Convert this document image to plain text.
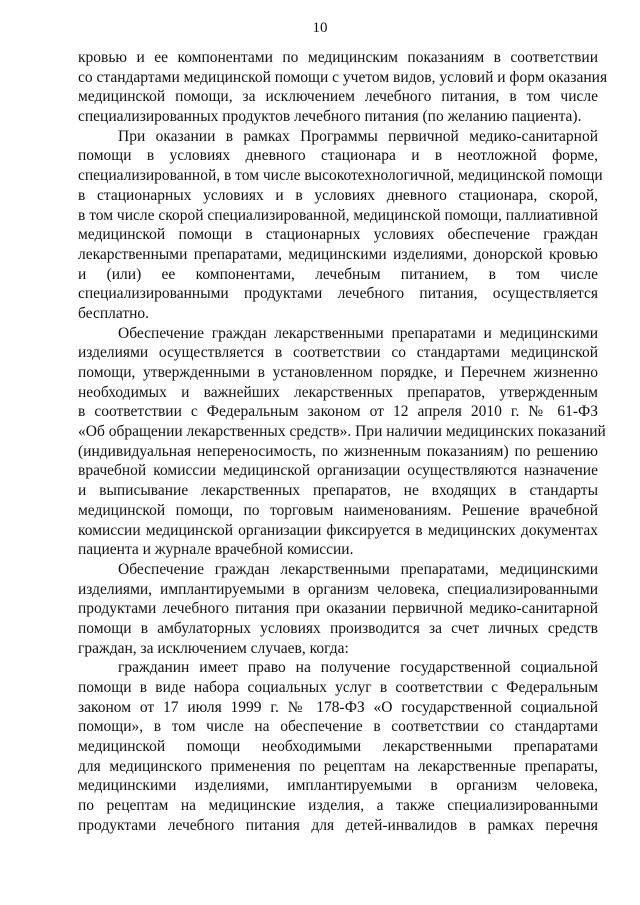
10
кровью и ее компонентами по медицинским показаниям в соответствии
со стандартами медицинской помощи с учетом видов, условий и форм оказания
медицинской помощи, за исключением лечебного питания, в том числе
специализированных продуктов лечебного питания (по желанию пациента).
При оказании в рамках Программы первичной медико-санитарной
помощи в условиях дневного стационара и в неотложной форме,
специализированной, в том числе высокотехнологичной, медицинской помощи
в стационарных условиях и в условиях дневного стационара, скорой,
в том числе скорой специализированной, медицинской помощи, паллиативной
медицинской помощи в стационарных условиях обеспечение граждан
лекарственными препаратами, медицинскими изделиями, донорской кровью
и (или) ее компонентами, лечебным питанием, в том числе
специализированными продуктами лечебного питания, осуществляется
бесплатно.
Обеспечение граждан лекарственными препаратами и медицинскими
изделиями осуществляется в соответствии со стандартами медицинской
помощи, утвержденными в установленном порядке, и Перечнем жизненно
необходимых и важнейших лекарственных препаратов, утвержденным
в соответствии с Федеральным законом от 12 апреля 2010 г. № 61-ФЗ
«Об обращении лекарственных средств». При наличии медицинских показаний
(индивидуальная непереносимость, по жизненным показаниям) по решению
врачебной комиссии медицинской организации осуществляются назначение
и выписывание лекарственных препаратов, не входящих в стандарты
медицинской помощи, по торговым наименованиям. Решение врачебной
комиссии медицинской организации фиксируется в медицинских документах
пациента и журнале врачебной комиссии.
Обеспечение граждан лекарственными препаратами, медицинскими
изделиями, имплантируемыми в организм человека, специализированными
продуктами лечебного питания при оказании первичной медико-санитарной
помощи в амбулаторных условиях производится за счет личных средств
граждан, за исключением случаев, когда:
гражданин имеет право на получение государственной социальной
помощи в виде набора социальных услуг в соответствии с Федеральным
законом от 17 июля 1999 г. № 178-ФЗ «О государственной социальной
помощи», в том числе на обеспечение в соответствии со стандартами
медицинской помощи необходимыми лекарственными препаратами
для медицинского применения по рецептам на лекарственные препараты,
медицинскими изделиями, имплантируемыми в организм человека,
по рецептам на медицинские изделия, а также специализированными
продуктами лечебного питания для детей-инвалидов в рамках перечня
